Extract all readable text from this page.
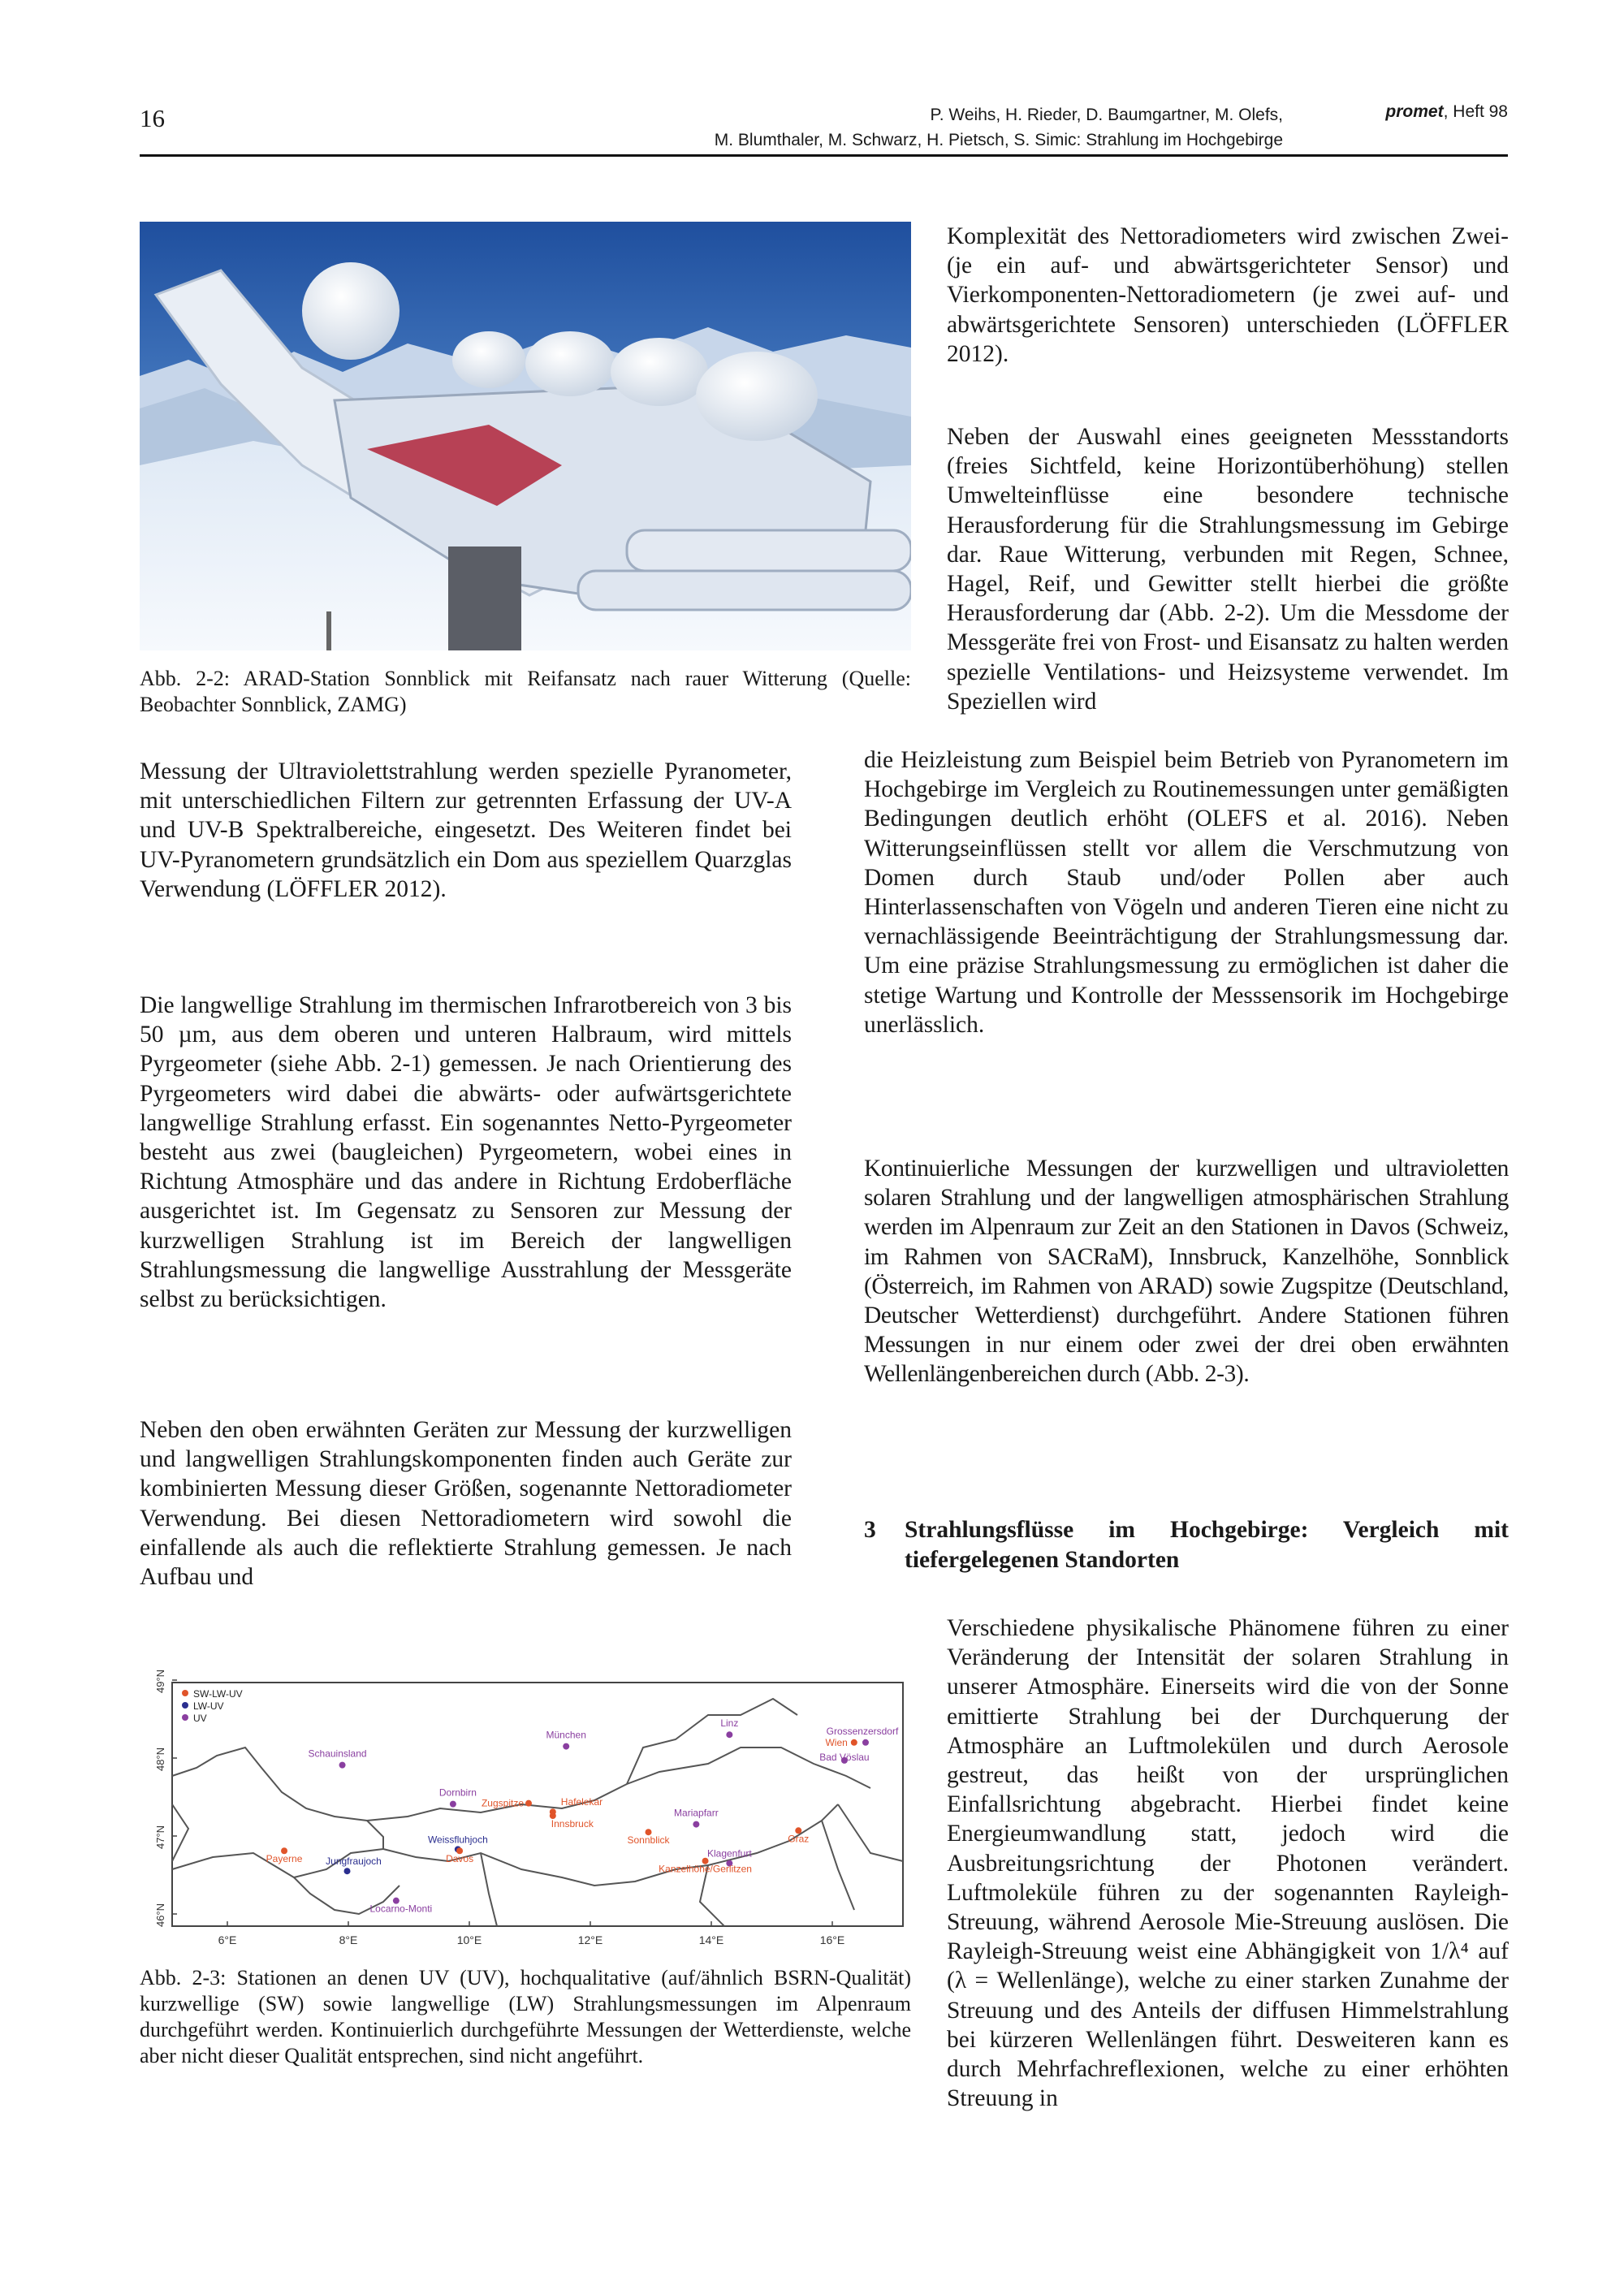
16	P. Weihs, H. Rieder, D. Baumgartner, M. Olefs,
M. Blumthaler, M. Schwarz, H. Pietsch, S. Simic: Strahlung im Hochgebirge
promet, Heft 98
Abb. 2-2: ARAD-Station Sonnblick mit Reifansatz nach rauer Witterung (Quelle: Beobachter Sonnblick, ZAMG)
Messung der Ultraviolettstrahlung werden spezielle Pyranometer, mit unterschiedlichen Filtern zur getrennten Erfassung der UV-A und UV-B Spektralbereiche, eingesetzt. Des Weiteren findet bei UV-Pyranometern grundsätzlich ein Dom aus speziellem Quarzglas Verwendung (LÖFFLER 2012).
Die langwellige Strahlung im thermischen Infrarotbereich von 3 bis 50 µm, aus dem oberen und unteren Halbraum, wird mittels Pyrgeometer (siehe Abb. 2-1) gemessen. Je nach Orientierung des Pyrgeometers wird dabei die abwärts- oder aufwärtsgerichtete langwellige Strahlung erfasst. Ein sogenanntes Netto-Pyrgeometer besteht aus zwei (baugleichen) Pyrgeometern, wobei eines in Richtung Atmosphäre und das andere in Richtung Erdoberfläche ausgerichtet ist. Im Gegensatz zu Sensoren zur Messung der kurzwelligen Strahlung ist im Bereich der langwelligen Strahlungsmessung die langwellige Ausstrahlung der Messgeräte selbst zu berücksichtigen.
Neben den oben erwähnten Geräten zur Messung der kurzwelligen und langwelligen Strahlungskomponenten finden auch Geräte zur kombinierten Messung dieser Größen, sogenannte Nettoradiometer Verwendung. Bei diesen Nettoradiometern wird sowohl die einfallende als auch die reflektierte Strahlung gemessen. Je nach Aufbau und
Komplexität des Nettoradiometers wird zwischen Zwei- (je ein auf- und abwärtsgerichteter Sensor) und Vierkomponenten-Nettoradiometern (je zwei auf- und abwärtsgerichtete Sensoren) unterschieden (LÖFFLER 2012).
Neben der Auswahl eines geeigneten Messstandorts (freies Sichtfeld, keine Horizontüberhöhung) stellen Umwelteinflüsse eine besondere technische Herausforderung für die Strahlungsmessung im Gebirge dar. Raue Witterung, verbunden mit Regen, Schnee, Hagel, Reif, und Gewitter stellt hierbei die größte Herausforderung dar (Abb. 2-2). Um die Messdome der Messgeräte frei von Frost- und Eisansatz zu halten werden spezielle Ventilations- und Heizsysteme verwendet. Im Speziellen wird
die Heizleistung zum Beispiel beim Betrieb von Pyranometern im Hochgebirge im Vergleich zu Routinemessungen unter gemäßigten Bedingungen deutlich erhöht (OLEFS et al. 2016). Neben Witterungseinflüssen stellt vor allem die Verschmutzung von Domen durch Staub und/oder Pollen aber auch Hinterlassenschaften von Vögeln und anderen Tieren eine nicht zu vernachlässigende Beeinträchtigung der Strahlungsmessung dar. Um eine präzise Strahlungsmessung zu ermöglichen ist daher die stetige Wartung und Kontrolle der Messsensorik im Hochgebirge unerlässlich.
Kontinuierliche Messungen der kurzwelligen und ultravioletten solaren Strahlung und der langwelligen atmosphärischen Strahlung werden im Alpenraum zur Zeit an den Stationen in Davos (Schweiz, im Rahmen von SACRaM), Innsbruck, Kanzelhöhe, Sonnblick (Österreich, im Rahmen von ARAD) sowie Zugspitze (Deutschland, Deutscher Wetterdienst) durchgeführt. Andere Stationen führen Messungen in nur einem oder zwei der drei oben erwähnten Wellenlängenbereichen durch (Abb. 2-3).
3 Strahlungsflüsse im Hochgebirge: Vergleich mit tiefergelegenen Standorten
Verschiedene physikalische Phänomene führen zu einer Veränderung der Intensität der solaren Strahlung in unserer Atmosphäre. Einerseits wird die von der Sonne emittierte Strahlung bei der Durchquerung der Atmosphäre an Luftmolekülen und durch Aerosole gestreut, das heißt von der ursprünglichen Einfallsrichtung abgebracht. Hierbei findet keine Energieumwandlung statt, jedoch wird die Ausbreitungsrichtung der Photonen verändert. Luftmoleküle führen zu der sogenannten Rayleigh-Streuung, während Aerosole Mie-Streuung auslösen. Die Rayleigh-Streuung weist eine Abhängigkeit von 1/λ⁴ auf (λ = Wellenlänge), welche zu einer starken Zunahme der Streuung und des Anteils der diffusen Himmelstrahlung bei kürzeren Wellenlängen führt. Desweiteren kann es durch Mehrfachreflexionen, welche zu einer erhöhten Streuung in
49°N
48°N
47°N
46°N
6°E	8°E	10°E	12°E	14°E	16°E
SW-LW-UV
LW-UV
UV
Schauinsland
München
Linz
Grossenzersdorf
Wien
Bad Vöslau
Dornbirn
Hafelekar
Zugspitze
Innsbruck
Mariapfarr
Sonnblick	Graz
Klagenfurt
Kanzelhöhe/Gerlitzen
Weissfluhjoch
Davos
Payerne Jungfraujoch
Locarno-Monti
Abb. 2-3: Stationen an denen UV (UV), hochqualitative (auf/ähnlich BSRN-Qualität) kurzwellige (SW) sowie langwellige (LW) Strahlungsmessungen im Alpenraum durchgeführt werden. Kontinuierlich durchgeführte Messungen der Wetterdienste, welche aber nicht dieser Qualität entsprechen, sind nicht angeführt.
